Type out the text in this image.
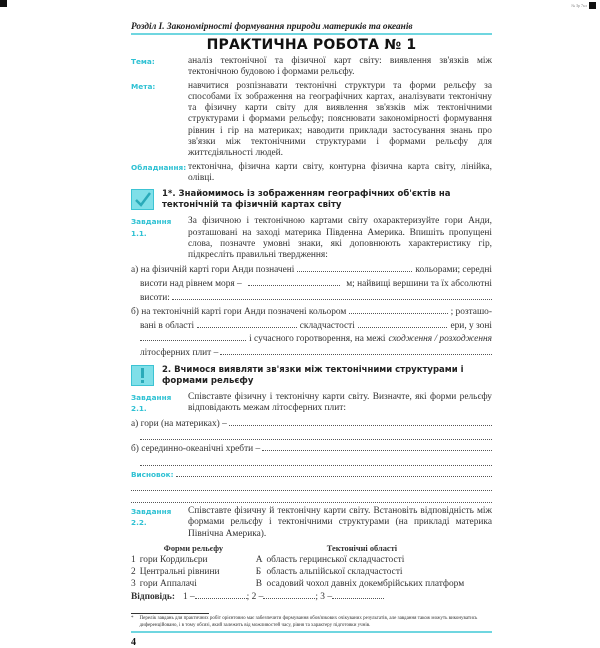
№ Зр 7кл
Розділ І. Закономірності формування природи материків та океанів
ПРАКТИЧНА РОБОТА № 1
Тема:	аналіз тектонічної та фізичної карт світу: виявлення зв'язків між тектонічною будовою і формами рельєфу.
Мета:	навчитися розпізнавати тектонічні структури та форми рельєфу за способами їх зображення на географічних картах, аналізувати тектонічну та фізичну карти світу для виявлення зв'язків між тектонічними структурами і формами рельєфу; пояснювати закономірності формування рівнин і гір на материках; наводити приклади застосування знань про зв'язки між тектонічними структурами і формами рельєфу для життєдіяльності людей.
Обладнання: тектонічна, фізична карти світу, контурна фізична карта світу, лінійка, олівці.
1*. Знайомимось із зображенням географічних об'єктів на тектонічній та фізичній картах світу
Завдання 1.1.
За фізичною і тектонічною картами світу охарактеризуйте гори Анди, розташовані на заході материка Південна Америка. Впишіть пропущені слова, позначте умовні знаки, які доповнюють характеристику гір, підкресліть правильні твердження:
а) на фізичній карті гори Анди позначені	кольорами; середні
висоти над рівнем моря –	м; найвищі вершини та їх абсолютні
висоти:
б) на тектонічній карті гори Анди позначені кольором	; розташо-
вані в області	складчастості	ери, у зоні
і сучасного горотворення, на межі сходження / розходження
літосферних плит –
2. Вчимося виявляти зв'язки між тектонічними структурами і формами рельєфу
Завдання 2.1.
Співставте фізичну і тектонічну карти світу. Визначте, які форми рельєфу відповідають межам літосферних плит:
а) гори (на материках) –
б) серединно-океанічні хребти –
Висновок:
Завдання 2.2.
Співставте фізичну й тектонічну карти світу. Встановіть відповідність між формами рельєфу і тектонічними структурами (на прикладі материка Північна Америка).
Форми рельєфу		Тектонічні області	
1	гори Кордильєри	А	область герцинської складчастості
2	Центральні рівнини	Б	область альпійської складчастості
3	гори Аппалачі	В	осадовий чохол давніх докембрійських платформ
Відповідь: 1 –	; 2 –	; 3 –
* Перелік завдань для практичних робіт орієнтовно має забезпечити формування обов'язкових очікуваних результатів, але завдання також можуть виконуватись диференційовано, і в тому обсязі, який залежить від можливостей часу, рівня та характеру підготовки учнів.
4
